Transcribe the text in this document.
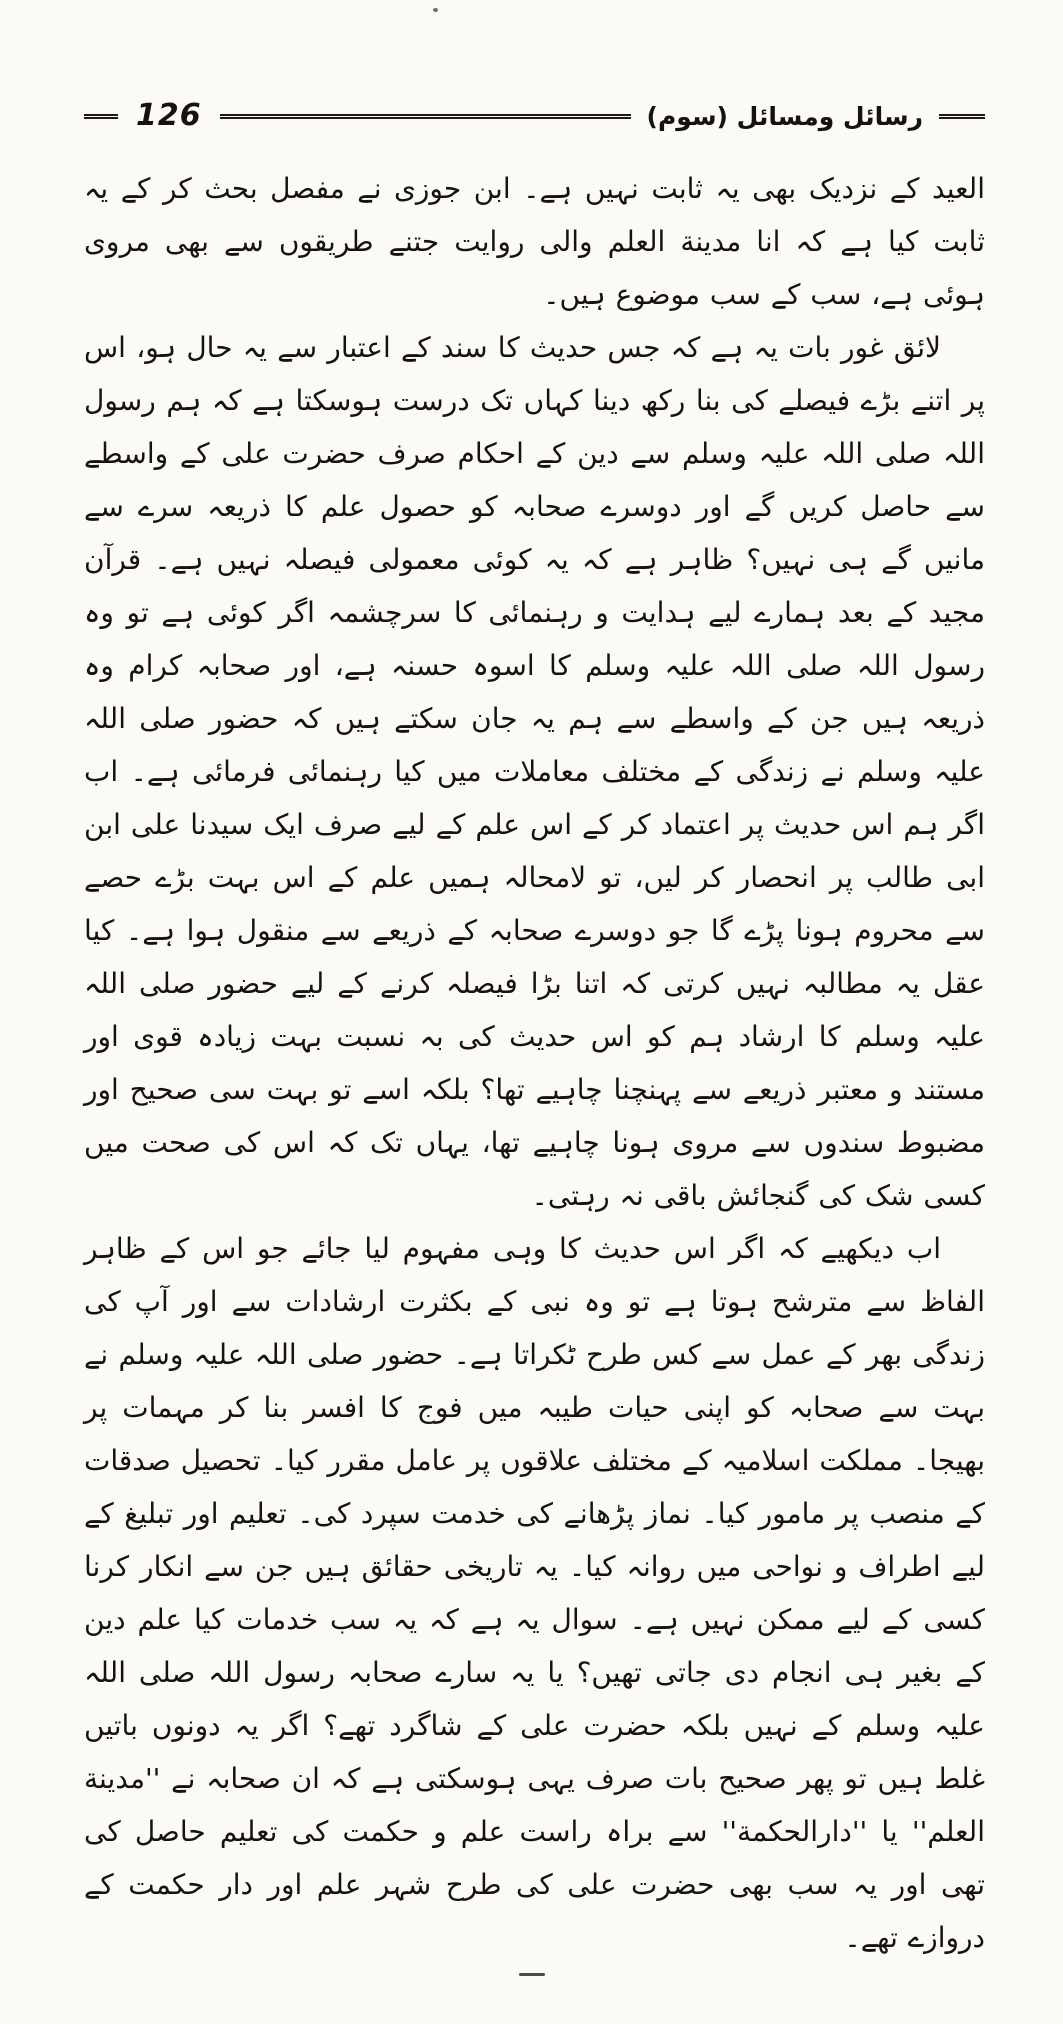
126	رسائل ومسائل (سوم)

العید کے نزدیک بھی یہ ثابت نہیں ہے۔ ابن جوزی نے مفصل بحث کر کے یہ ثابت کیا ہے کہ انا مدینة العلم والی روایت جتنے طریقوں سے بھی مروی ہوئی ہے، سب کے سب موضوع ہیں۔

لائق غور بات یہ ہے کہ جس حدیث کا سند کے اعتبار سے یہ حال ہو، اس پر اتنے بڑے فیصلے کی بنا رکھ دینا کہاں تک درست ہوسکتا ہے کہ ہم رسول اللہ صلی اللہ علیہ وسلم سے دین کے احکام صرف حضرت علی کے واسطے سے حاصل کریں گے اور دوسرے صحابہ کو حصول علم کا ذریعہ سرے سے مانیں گے ہی نہیں؟ ظاہر ہے کہ یہ کوئی معمولی فیصلہ نہیں ہے۔ قرآن مجید کے بعد ہمارے لیے ہدایت و رہنمائی کا سرچشمہ اگر کوئی ہے تو وہ رسول اللہ صلی اللہ علیہ وسلم کا اسوہ حسنہ ہے، اور صحابہ کرام وہ ذریعہ ہیں جن کے واسطے سے ہم یہ جان سکتے ہیں کہ حضور صلی اللہ علیہ وسلم نے زندگی کے مختلف معاملات میں کیا رہنمائی فرمائی ہے۔ اب اگر ہم اس حدیث پر اعتماد کر کے اس علم کے لیے صرف ایک سیدنا علی ابن ابی طالب پر انحصار کر لیں، تو لامحالہ ہمیں علم کے اس بہت بڑے حصے سے محروم ہونا پڑے گا جو دوسرے صحابہ کے ذریعے سے منقول ہوا ہے۔ کیا عقل یہ مطالبہ نہیں کرتی کہ اتنا بڑا فیصلہ کرنے کے لیے حضور صلی اللہ علیہ وسلم کا ارشاد ہم کو اس حدیث کی بہ نسبت بہت زیادہ قوی اور مستند و معتبر ذریعے سے پہنچنا چاہیے تھا؟ بلکہ اسے تو بہت سی صحیح اور مضبوط سندوں سے مروی ہونا چاہیے تھا، یہاں تک کہ اس کی صحت میں کسی شک کی گنجائش باقی نہ رہتی۔

اب دیکھیے کہ اگر اس حدیث کا وہی مفہوم لیا جائے جو اس کے ظاہر الفاظ سے مترشح ہوتا ہے تو وہ نبی کے بکثرت ارشادات سے اور آپ کی زندگی بھر کے عمل سے کس طرح ٹکراتا ہے۔ حضور صلی اللہ علیہ وسلم نے بہت سے صحابہ کو اپنی حیات طیبہ میں فوج کا افسر بنا کر مہمات پر بھیجا۔ مملکت اسلامیہ کے مختلف علاقوں پر عامل مقرر کیا۔ تحصیل صدقات کے منصب پر مامور کیا۔ نماز پڑھانے کی خدمت سپرد کی۔ تعلیم اور تبلیغ کے لیے اطراف و نواحی میں روانہ کیا۔ یہ تاریخی حقائق ہیں جن سے انکار کرنا کسی کے لیے ممکن نہیں ہے۔ سوال یہ ہے کہ یہ سب خدمات کیا علم دین کے بغیر ہی انجام دی جاتی تھیں؟ یا یہ سارے صحابہ رسول اللہ صلی اللہ علیہ وسلم کے نہیں بلکہ حضرت علی کے شاگرد تھے؟ اگر یہ دونوں باتیں غلط ہیں تو پھر صحیح بات صرف یہی ہوسکتی ہے کہ ان صحابہ نے ''مدینة العلم'' یا ''دارالحکمة'' سے براہ راست علم و حکمت کی تعلیم حاصل کی تھی اور یہ سب بھی حضرت علی کی طرح شہر علم اور دار حکمت کے دروازے تھے۔
